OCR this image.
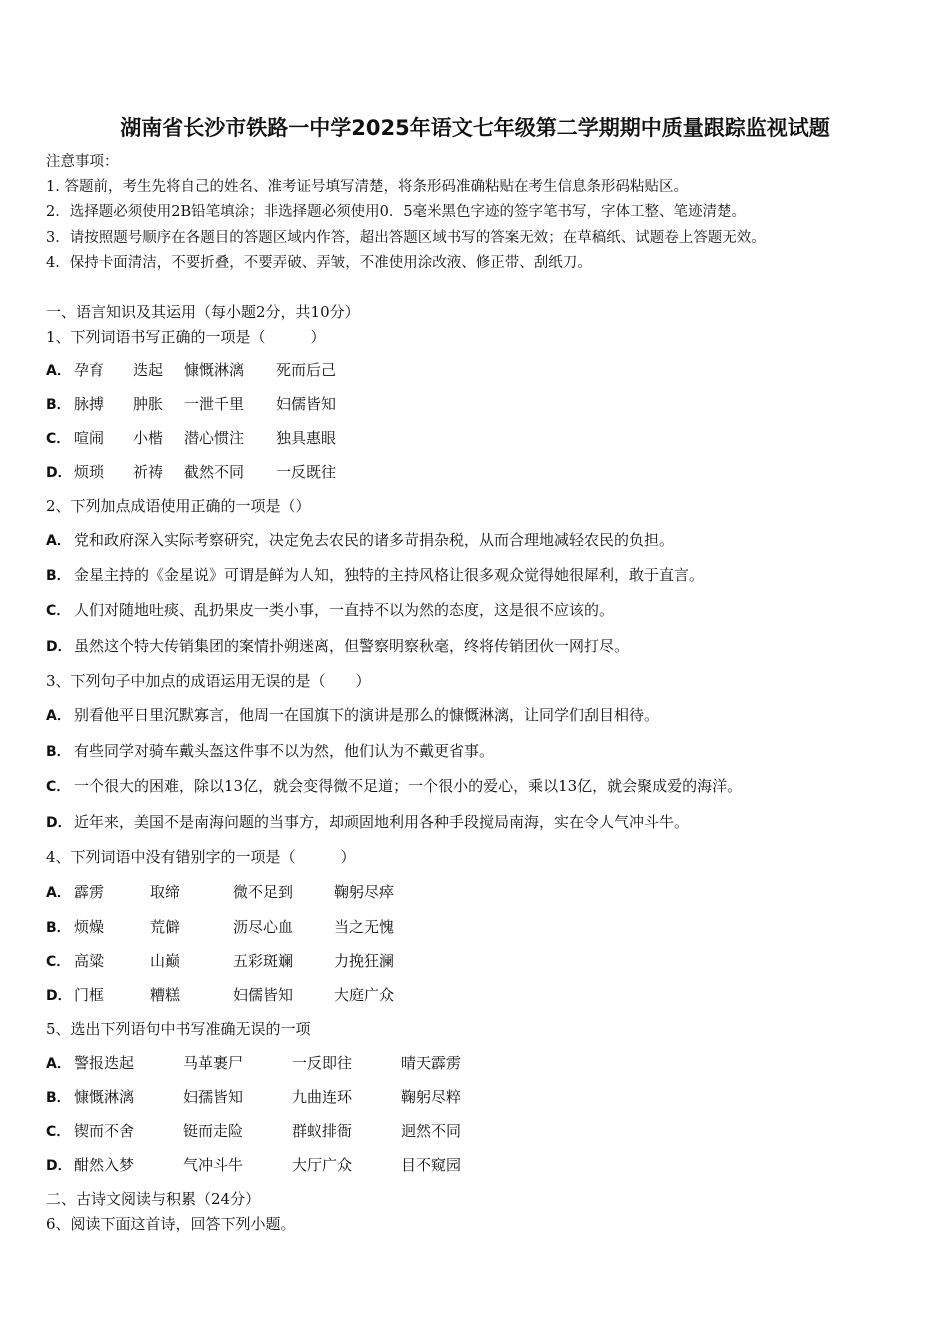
湖南省长沙市铁路一中学2025年语文七年级第二学期期中质量跟踪监视试题
注意事项：
1. 答题前，考生先将自己的姓名、准考证号填写清楚，将条形码准确粘贴在考生信息条形码粘贴区。
2．选择题必须使用2B铅笔填涂；非选择题必须使用0．5毫米黑色字迹的签字笔书写，字体工整、笔迹清楚。
3．请按照题号顺序在各题目的答题区域内作答，超出答题区域书写的答案无效；在草稿纸、试题卷上答题无效。
4．保持卡面清洁，不要折叠，不要弄破、弄皱，不准使用涂改液、修正带、刮纸刀。
一、语言知识及其运用（每小题2分，共10分）
1、下列词语书写正确的一项是（　　　）
A． 孕育 迭起 慷慨淋漓 死而后己
B． 脉搏 肿胀 一泄千里 妇儒皆知
C． 喧闹 小楷 潜心惯注 独具惠眼
D． 烦琐 祈祷 截然不同 一反既往
2、下列加点成语使用正确的一项是（）
A． 党和政府深入实际考察研究，决定免去农民的诸多苛捐杂税，从而合理地减轻农民的负担。
B． 金星主持的《金星说》可谓是鲜为人知，独特的主持风格让很多观众觉得她很犀利，敢于直言。
C． 人们对随地吐痰、乱扔果皮一类小事，一直持不以为然的态度，这是很不应该的。
D． 虽然这个特大传销集团的案情扑朔迷离，但警察明察秋毫，终将传销团伙一网打尽。
3、下列句子中加点的成语运用无误的是（　　）
A． 别看他平日里沉默寡言，他周一在国旗下的演讲是那么的慷慨淋漓，让同学们刮目相待。
B． 有些同学对骑车戴头盔这件事不以为然，他们认为不戴更省事。
C． 一个很大的困难，除以13亿，就会变得微不足道；一个很小的爱心，乘以13亿，就会聚成爱的海洋。
D． 近年来，美国不是南海问题的当事方，却顽固地利用各种手段搅局南海，实在令人气冲斗牛。
4、下列词语中没有错别字的一项是（　　　）
A． 霹雳	取缔	微不足到	鞠躬尽瘁
B． 烦燥	荒僻	沥尽心血	当之无愧
C． 高粱	山巅	五彩斑斓	力挽狂澜
D． 门框	糟糕	妇儒皆知	大庭广众
5、选出下列语句中书写准确无误的一项
A． 警报迭起	马革裹尸	一反即往	晴天霹雳
B． 慷慨淋漓	妇孺皆知	九曲连环	鞠躬尽粹
C． 锲而不舍	铤而走险	群蚁排衙	迥然不同
D． 酣然入梦	气冲斗牛	大厅广众	目不窥园
二、古诗文阅读与积累（24分）
6、阅读下面这首诗，回答下列小题。
